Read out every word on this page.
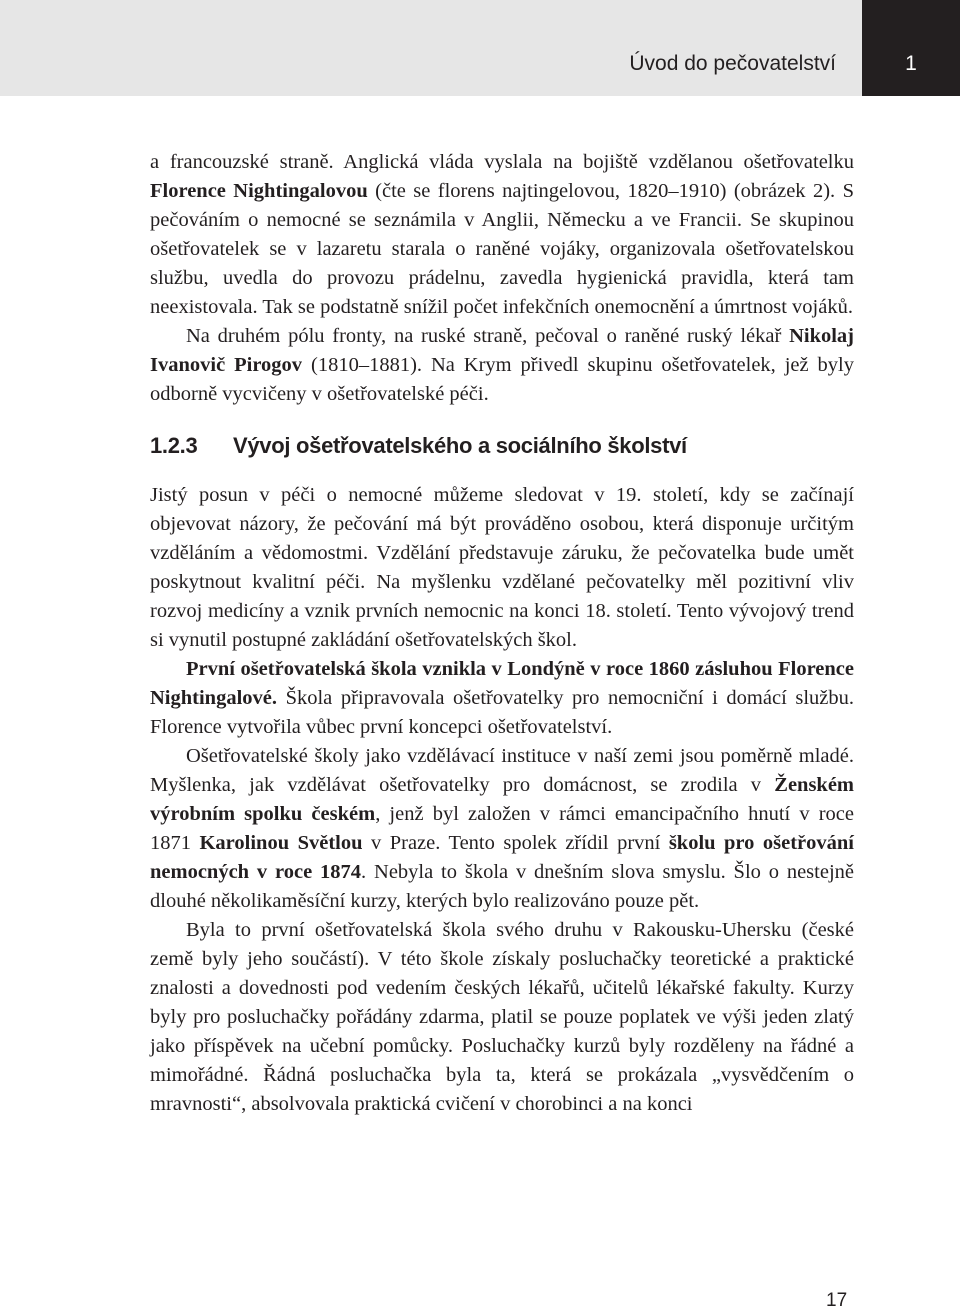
Úvod do pečovatelství	1

a francouzské straně. Anglická vláda vyslala na bojiště vzdělanou ošetřovatelku Florence Nightingalovou (čte se florens najtingelovou, 1820–1910) (obrázek 2). S pečováním o nemocné se seznámila v Anglii, Německu a ve Francii. Se skupinou ošetřovatelek se v lazaretu starala o raněné vojáky, organizovala ošetřovatelskou službu, uvedla do provozu prádelnu, zavedla hygienická pravidla, která tam neexistovala. Tak se podstatně snížil počet infekčních onemocnění a úmrtnost vojáků.

Na druhém pólu fronty, na ruské straně, pečoval o raněné ruský lékař Nikolaj Ivanovič Pirogov (1810–1881). Na Krym přivedl skupinu ošetřovatelek, jež byly odborně vycvičeny v ošetřovatelské péči.

1.2.3 Vývoj ošetřovatelského a sociálního školství

Jistý posun v péči o nemocné můžeme sledovat v 19. století, kdy se začínají objevovat názory, že pečování má být prováděno osobou, která disponuje určitým vzděláním a vědomostmi. Vzdělání představuje záruku, že pečovatelka bude umět poskytnout kvalitní péči. Na myšlenku vzdělané pečovatelky měl pozitivní vliv rozvoj medicíny a vznik prvních nemocnic na konci 18. století. Tento vývojový trend si vynutil postupné zakládání ošetřovatelských škol.

První ošetřovatelská škola vznikla v Londýně v roce 1860 zásluhou Florence Nightingalové. Škola připravovala ošetřovatelky pro nemocniční i domácí službu. Florence vytvořila vůbec první koncepci ošetřovatelství.

Ošetřovatelské školy jako vzdělávací instituce v naší zemi jsou poměrně mladé. Myšlenka, jak vzdělávat ošetřovatelky pro domácnost, se zrodila v Ženském výrobním spolku českém, jenž byl založen v rámci emancipačního hnutí v roce 1871 Karolinou Světlou v Praze. Tento spolek zřídil první školu pro ošetřování nemocných v roce 1874. Nebyla to škola v dnešním slova smyslu. Šlo o nestejně dlouhé několikaměsíční kurzy, kterých bylo realizováno pouze pět.

Byla to první ošetřovatelská škola svého druhu v Rakousku-Uhersku (české země byly jeho součástí). V této škole získaly posluchačky teoretické a praktické znalosti a dovednosti pod vedením českých lékařů, učitelů lékařské fakulty. Kurzy byly pro posluchačky pořádány zdarma, platil se pouze poplatek ve výši jeden zlatý jako příspěvek na učební pomůcky. Posluchačky kurzů byly rozděleny na řádné a mimořádné. Řádná posluchačka byla ta, která se prokázala „vysvědčením o mravnosti“, absolvovala praktická cvičení v chorobinci a na konci

17
